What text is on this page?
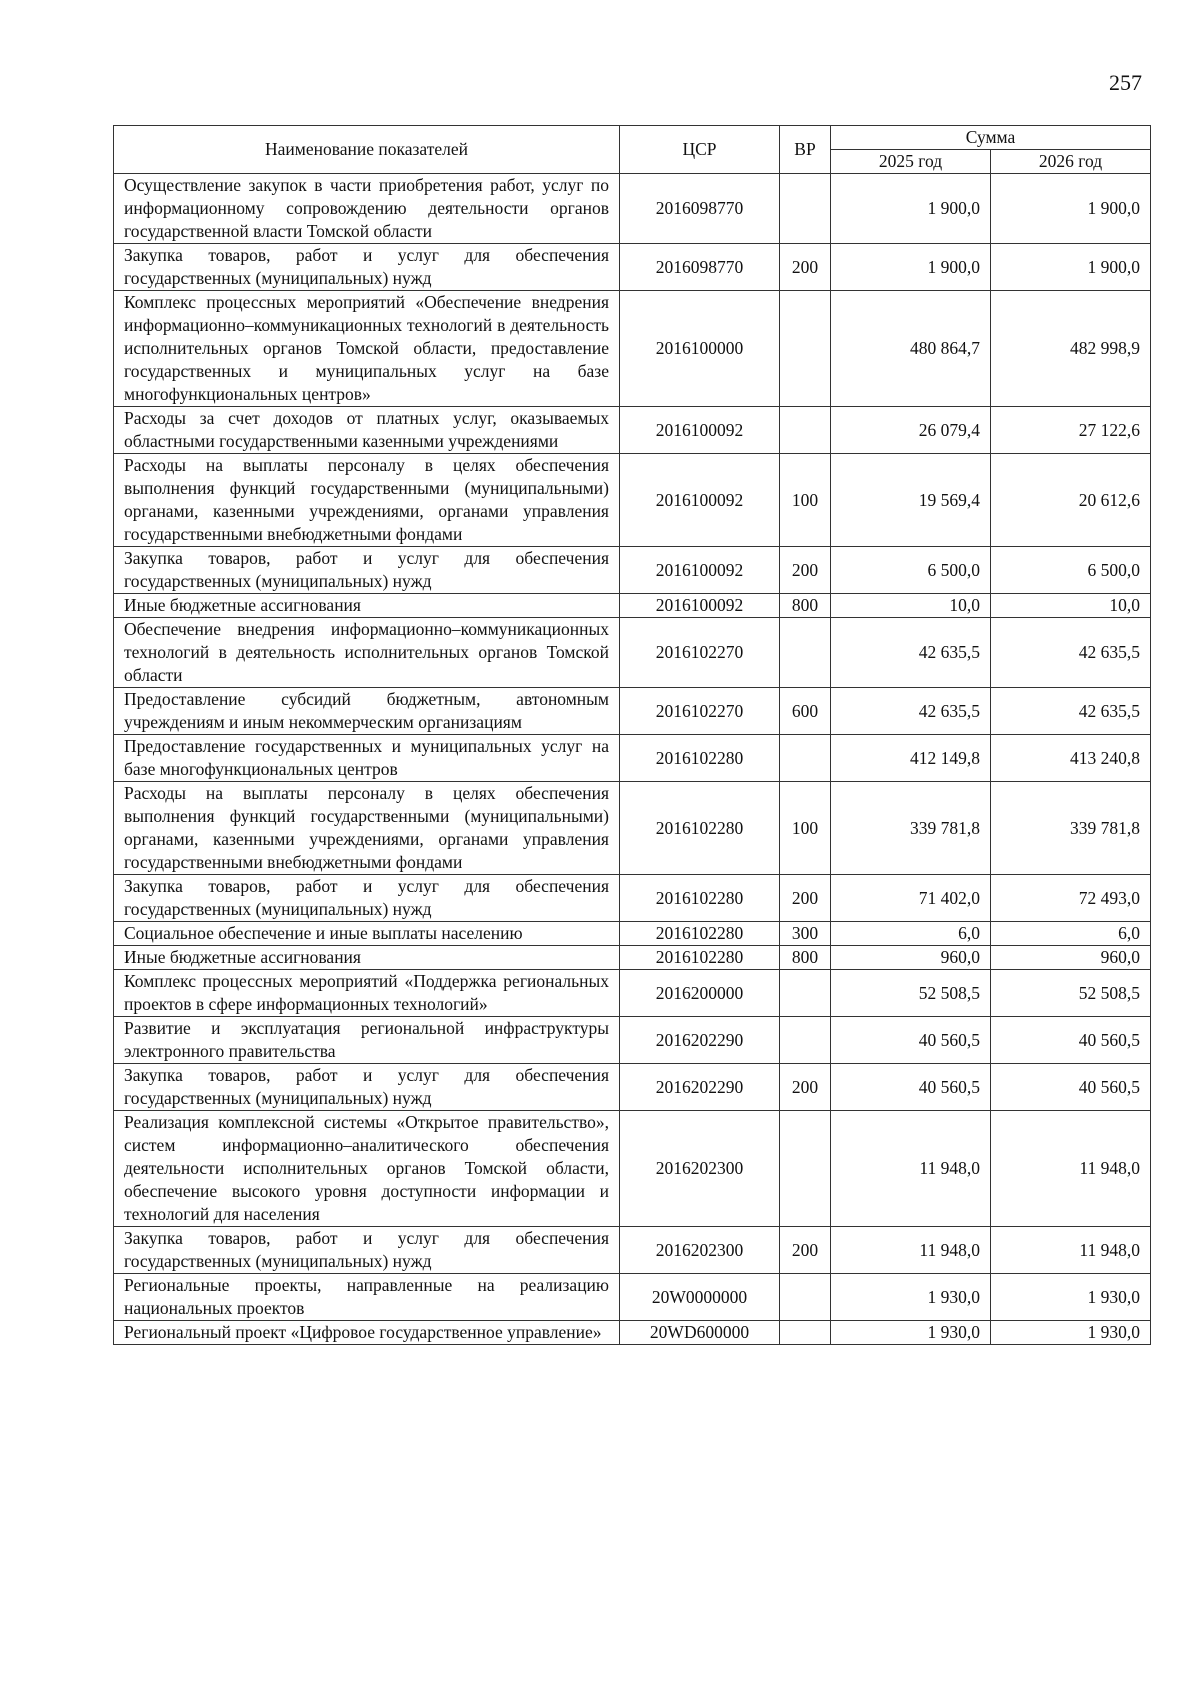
257
Наименование показателей	ЦСР	ВР	Сумма	
			2025 год	2026 год
Осуществление закупок в части приобретения работ, услуг по информационному сопровождению деятельности органов государственной власти Томской области	2016098770		1 900,0	1 900,0
Закупка товаров, работ и услуг для обеспечения государственных (муниципальных) нужд	2016098770	200	1 900,0	1 900,0
Комплекс процессных мероприятий «Обеспечение внедрения информационно–коммуникационных технологий в деятельность исполнительных органов Томской области, предоставление государственных и муниципальных услуг на базе многофункциональных центров»	2016100000		480 864,7	482 998,9
Расходы за счет доходов от платных услуг, оказываемых областными государственными казенными учреждениями	2016100092		26 079,4	27 122,6
Расходы на выплаты персоналу в целях обеспечения выполнения функций государственными (муниципальными) органами, казенными учреждениями, органами управления государственными внебюджетными фондами	2016100092	100	19 569,4	20 612,6
Закупка товаров, работ и услуг для обеспечения государственных (муниципальных) нужд	2016100092	200	6 500,0	6 500,0
Иные бюджетные ассигнования	2016100092	800	10,0	10,0
Обеспечение внедрения информационно–коммуникационных технологий в деятельность исполнительных органов Томской области	2016102270		42 635,5	42 635,5
Предоставление субсидий бюджетным, автономным учреждениям и иным некоммерческим организациям	2016102270	600	42 635,5	42 635,5
Предоставление государственных и муниципальных услуг на базе многофункциональных центров	2016102280		412 149,8	413 240,8
Расходы на выплаты персоналу в целях обеспечения выполнения функций государственными (муниципальными) органами, казенными учреждениями, органами управления государственными внебюджетными фондами	2016102280	100	339 781,8	339 781,8
Закупка товаров, работ и услуг для обеспечения государственных (муниципальных) нужд	2016102280	200	71 402,0	72 493,0
Социальное обеспечение и иные выплаты населению	2016102280	300	6,0	6,0
Иные бюджетные ассигнования	2016102280	800	960,0	960,0
Комплекс процессных мероприятий «Поддержка региональных проектов в сфере информационных технологий»	2016200000		52 508,5	52 508,5
Развитие и эксплуатация региональной инфраструктуры электронного правительства	2016202290		40 560,5	40 560,5
Закупка товаров, работ и услуг для обеспечения государственных (муниципальных) нужд	2016202290	200	40 560,5	40 560,5
Реализация комплексной системы «Открытое правительство», систем информационно–аналитического обеспечения деятельности исполнительных органов Томской области, обеспечение высокого уровня доступности информации и технологий для населения	2016202300		11 948,0	11 948,0
Закупка товаров, работ и услуг для обеспечения государственных (муниципальных) нужд	2016202300	200	11 948,0	11 948,0
Региональные проекты, направленные на реализацию национальных проектов	20W0000000		1 930,0	1 930,0
Региональный проект «Цифровое государственное управление»	20WD600000		1 930,0	1 930,0
